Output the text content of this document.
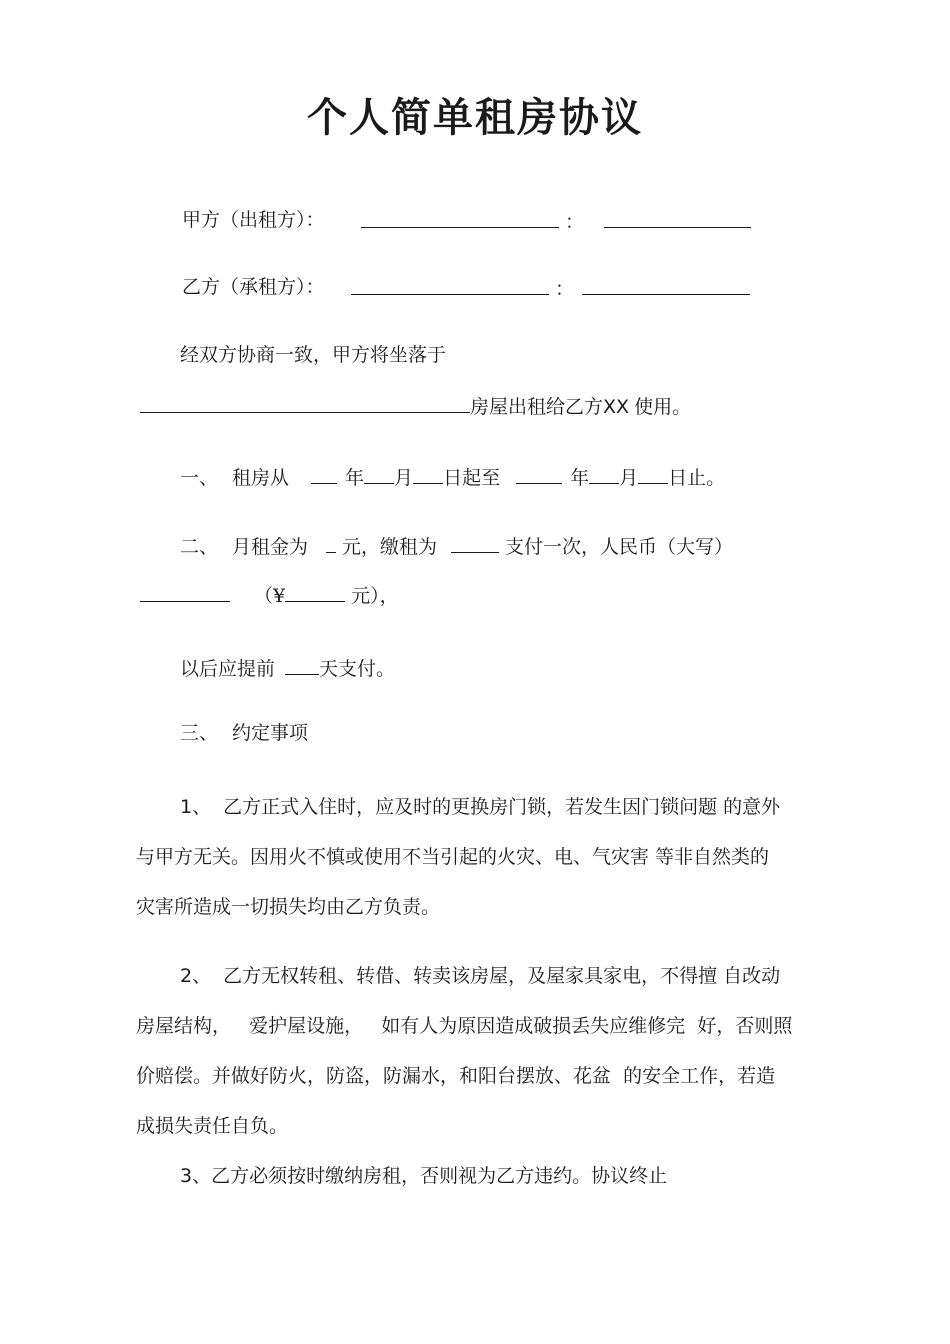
个人简单租房协议
甲方（出租方）：	：
乙方（承租方）：	：
经双方协商一致，甲方将坐落于
房屋出租给乙方XX 使用。
一、 租房从	年 月 日起至	年 月 日止。
二、 月租金为 元，缴租为	支付一次，人民币（大写）
（¥	元），
以后应提前 天支付。
三、 约定事项
1、 乙方正式入住时，应及时的更换房门锁，若发生因门锁问题 的意外
与甲方无关。因用火不慎或使用不当引起的火灾、电、气灾害 等非自然类的
灾害所造成一切损失均由乙方负责。
2、 乙方无权转租、转借、转卖该房屋，及屋家具家电，不得擅 自改动
房屋结构，   爱护屋设施，   如有人为原因造成破损丢失应维修完  好，否则照
价赔偿。并做好防火，防盗，防漏水，和阳台摆放、花盆  的安全工作，若造
成损失责任自负。
3、乙方必须按时缴纳房租，否则视为乙方违约。协议终止
